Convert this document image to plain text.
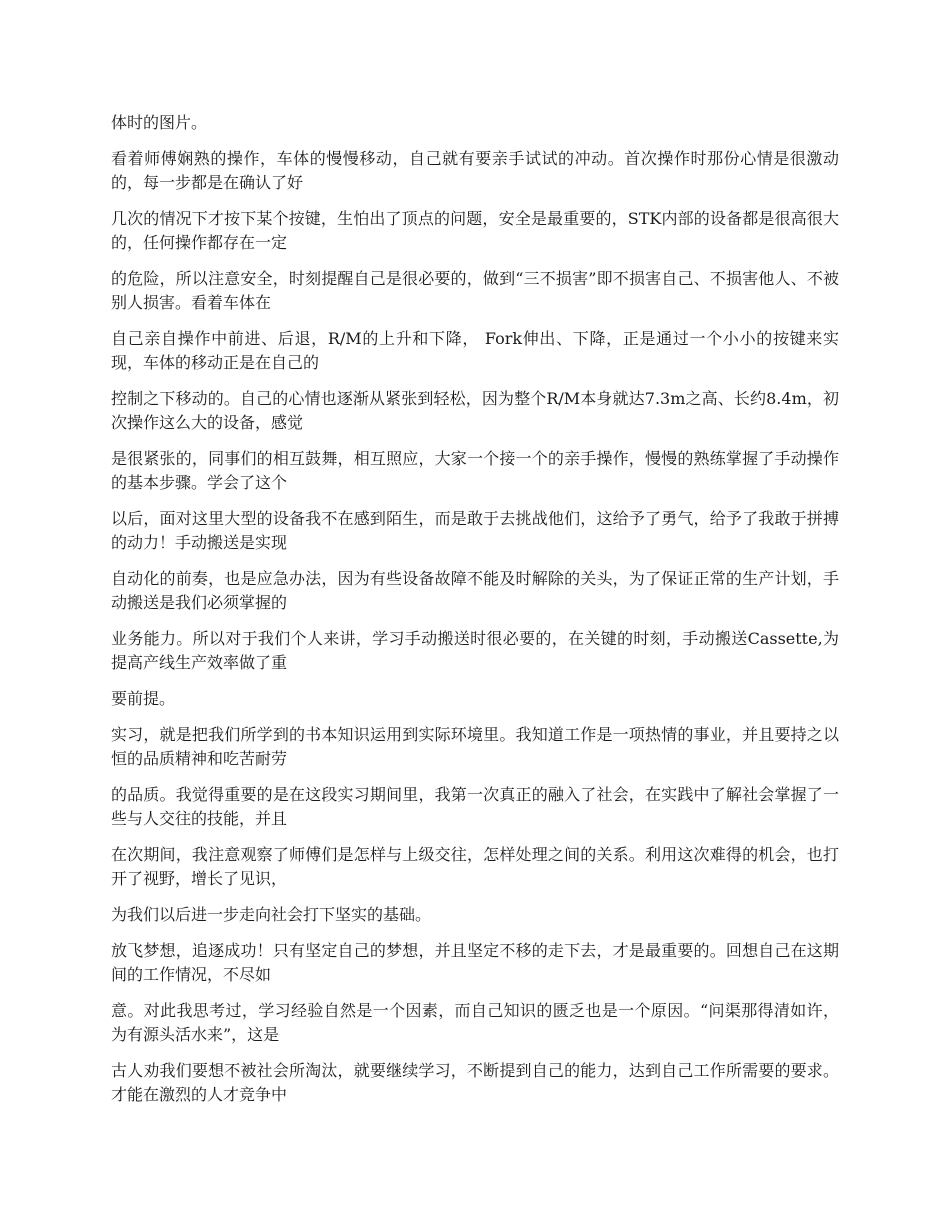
体时的图片。

看着师傅娴熟的操作，车体的慢慢移动，自己就有要亲手试试的冲动。首次操作时那份心情是很激动的，每一步都是在确认了好

几次的情况下才按下某个按键，生怕出了顶点的问题，安全是最重要的，STK内部的设备都是很高很大的，任何操作都存在一定

的危险，所以注意安全，时刻提醒自己是很必要的，做到“三不损害”即不损害自己、不损害他人、不被别人损害。看着车体在

自己亲自操作中前进、后退，R/M的上升和下降， Fork伸出、下降，正是通过一个小小的按键来实现，车体的移动正是在自己的

控制之下移动的。自己的心情也逐渐从紧张到轻松，因为整个R/M本身就达7.3m之高、长约8.4m，初次操作这么大的设备，感觉

是很紧张的，同事们的相互鼓舞，相互照应，大家一个接一个的亲手操作，慢慢的熟练掌握了手动操作的基本步骤。学会了这个

以后，面对这里大型的设备我不在感到陌生，而是敢于去挑战他们，这给予了勇气，给予了我敢于拼搏的动力！手动搬送是实现

自动化的前奏，也是应急办法，因为有些设备故障不能及时解除的关头，为了保证正常的生产计划，手动搬送是我们必须掌握的

业务能力。所以对于我们个人来讲，学习手动搬送时很必要的，在关键的时刻，手动搬送Cassette,为提高产线生产效率做了重

要前提。

实习，就是把我们所学到的书本知识运用到实际环境里。我知道工作是一项热情的事业，并且要持之以恒的品质精神和吃苦耐劳

的品质。我觉得重要的是在这段实习期间里，我第一次真正的融入了社会，在实践中了解社会掌握了一些与人交往的技能，并且

在次期间，我注意观察了师傅们是怎样与上级交往，怎样处理之间的关系。利用这次难得的机会，也打开了视野，增长了见识，

为我们以后进一步走向社会打下坚实的基础。

放飞梦想，追逐成功！只有坚定自己的梦想，并且坚定不移的走下去，才是最重要的。回想自己在这期间的工作情况，不尽如

意。对此我思考过，学习经验自然是一个因素，而自己知识的匮乏也是一个原因。“问渠那得清如许，为有源头活水来”，这是

古人劝我们要想不被社会所淘汰，就要继续学习，不断提到自己的能力，达到自己工作所需要的要求。才能在激烈的人才竞争中
